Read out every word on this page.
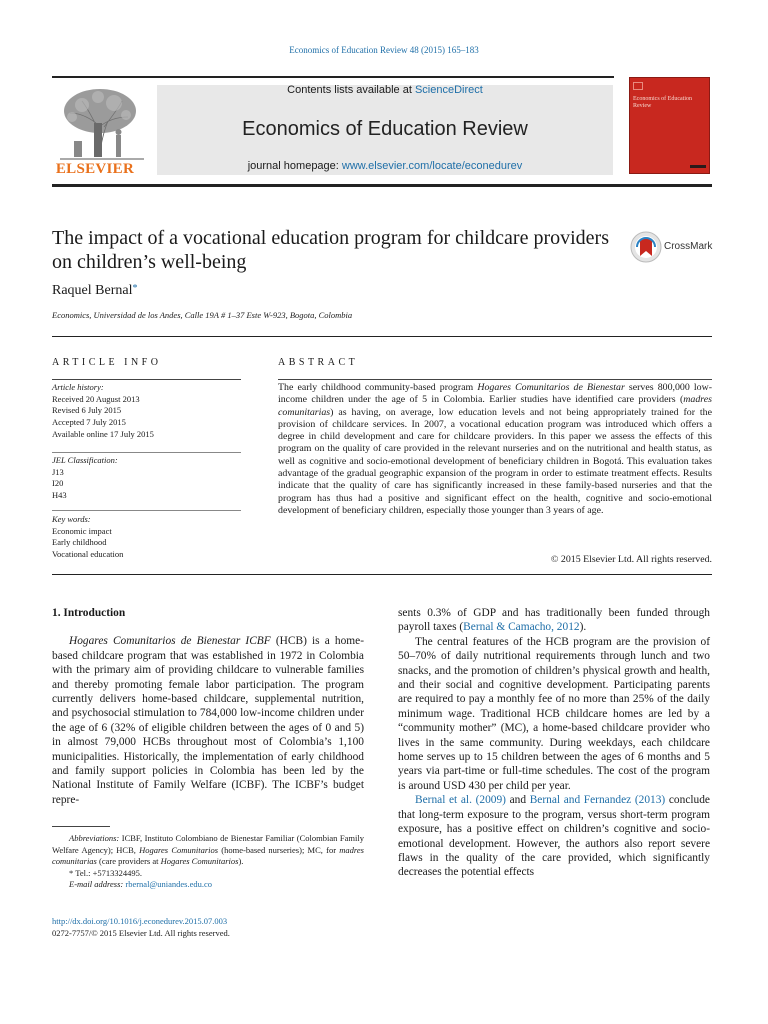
Economics of Education Review 48 (2015) 165–183
ELSEVIER
Contents lists available at ScienceDirect
Economics of Education Review
journal homepage: www.elsevier.com/locate/econedurev
Economics of Education Review
The impact of a vocational education program for childcare providers on children’s well-being
CrossMark
Raquel Bernal*
Economics, Universidad de los Andes, Calle 19A # 1–37 Este W-923, Bogota, Colombia
ARTICLE INFO	ABSTRACT
Article history:
Received 20 August 2013
Revised 6 July 2015
Accepted 7 July 2015
Available online 17 July 2015
JEL Classification:
J13
I20
H43
Key words:
Economic impact
Early childhood
Vocational education
The early childhood community-based program Hogares Comunitarios de Bienestar serves 800,000 low-income children under the age of 5 in Colombia. Earlier studies have identified care providers (madres comunitarias) as having, on average, low education levels and not being appropriately trained for the provision of childcare services. In 2007, a vocational education program was introduced which offers a degree in child development and care for childcare providers. In this paper we assess the effects of this program on the quality of care provided in the relevant nurseries and on the nutritional and health status, as well as cognitive and socio-emotional development of beneficiary children in Bogotá. This evaluation takes advantage of the gradual geographic expansion of the program in order to estimate treatment effects. Results indicate that the quality of care has significantly increased in these family-based nurseries and that the program has thus had a positive and significant effect on the health, cognitive and socio-emotional development of beneficiary children, especially those younger than 3 years of age.
© 2015 Elsevier Ltd. All rights reserved.
1. Introduction

Hogares Comunitarios de Bienestar ICBF (HCB) is a home-based childcare program that was established in 1972 in Colombia with the primary aim of providing childcare to vulnerable families and thereby promoting female labor participation. The program currently delivers home-based childcare, supplemental nutrition, and psychosocial stimulation to 784,000 low-income children under the age of 6 (32% of eligible children between the ages of 0 and 5) in almost 79,000 HCBs throughout most of Colombia’s 1,100 municipalities. Historically, the implementation of early childhood and family support policies in Colombia has been led by the National Institute of Family Welfare (ICBF). The ICBF’s budget repre-

sents 0.3% of GDP and has traditionally been funded through payroll taxes (Bernal & Camacho, 2012).

The central features of the HCB program are the provision of 50–70% of daily nutritional requirements through lunch and two snacks, and the promotion of children’s physical growth and health, and their social and cognitive development. Participating parents are required to pay a monthly fee of no more than 25% of the daily minimum wage. Traditional HCB childcare homes are led by a “community mother” (MC), a home-based childcare provider who lives in the same community. During weekdays, each childcare home serves up to 15 children between the ages of 6 months and 5 years via part-time or full-time schedules. The cost of the program is around USD 430 per child per year.

Bernal et al. (2009) and Bernal and Fernandez (2013) conclude that long-term exposure to the program, versus short-term program exposure, has a positive effect on children’s cognitive and socio-emotional development. However, the authors also report severe flaws in the quality of the care provided, which significantly decreases the potential effects

Abbreviations: ICBF, Instituto Colombiano de Bienestar Familiar (Colombian Family Welfare Agency); HCB, Hogares Comunitarios (home-based nurseries); MC, for madres comunitarias (care providers at Hogares Comunitarios).
* Tel.: +5713324495.
E-mail address: rbernal@uniandes.edu.co
http://dx.doi.org/10.1016/j.econedurev.2015.07.003
0272-7757/© 2015 Elsevier Ltd. All rights reserved.
